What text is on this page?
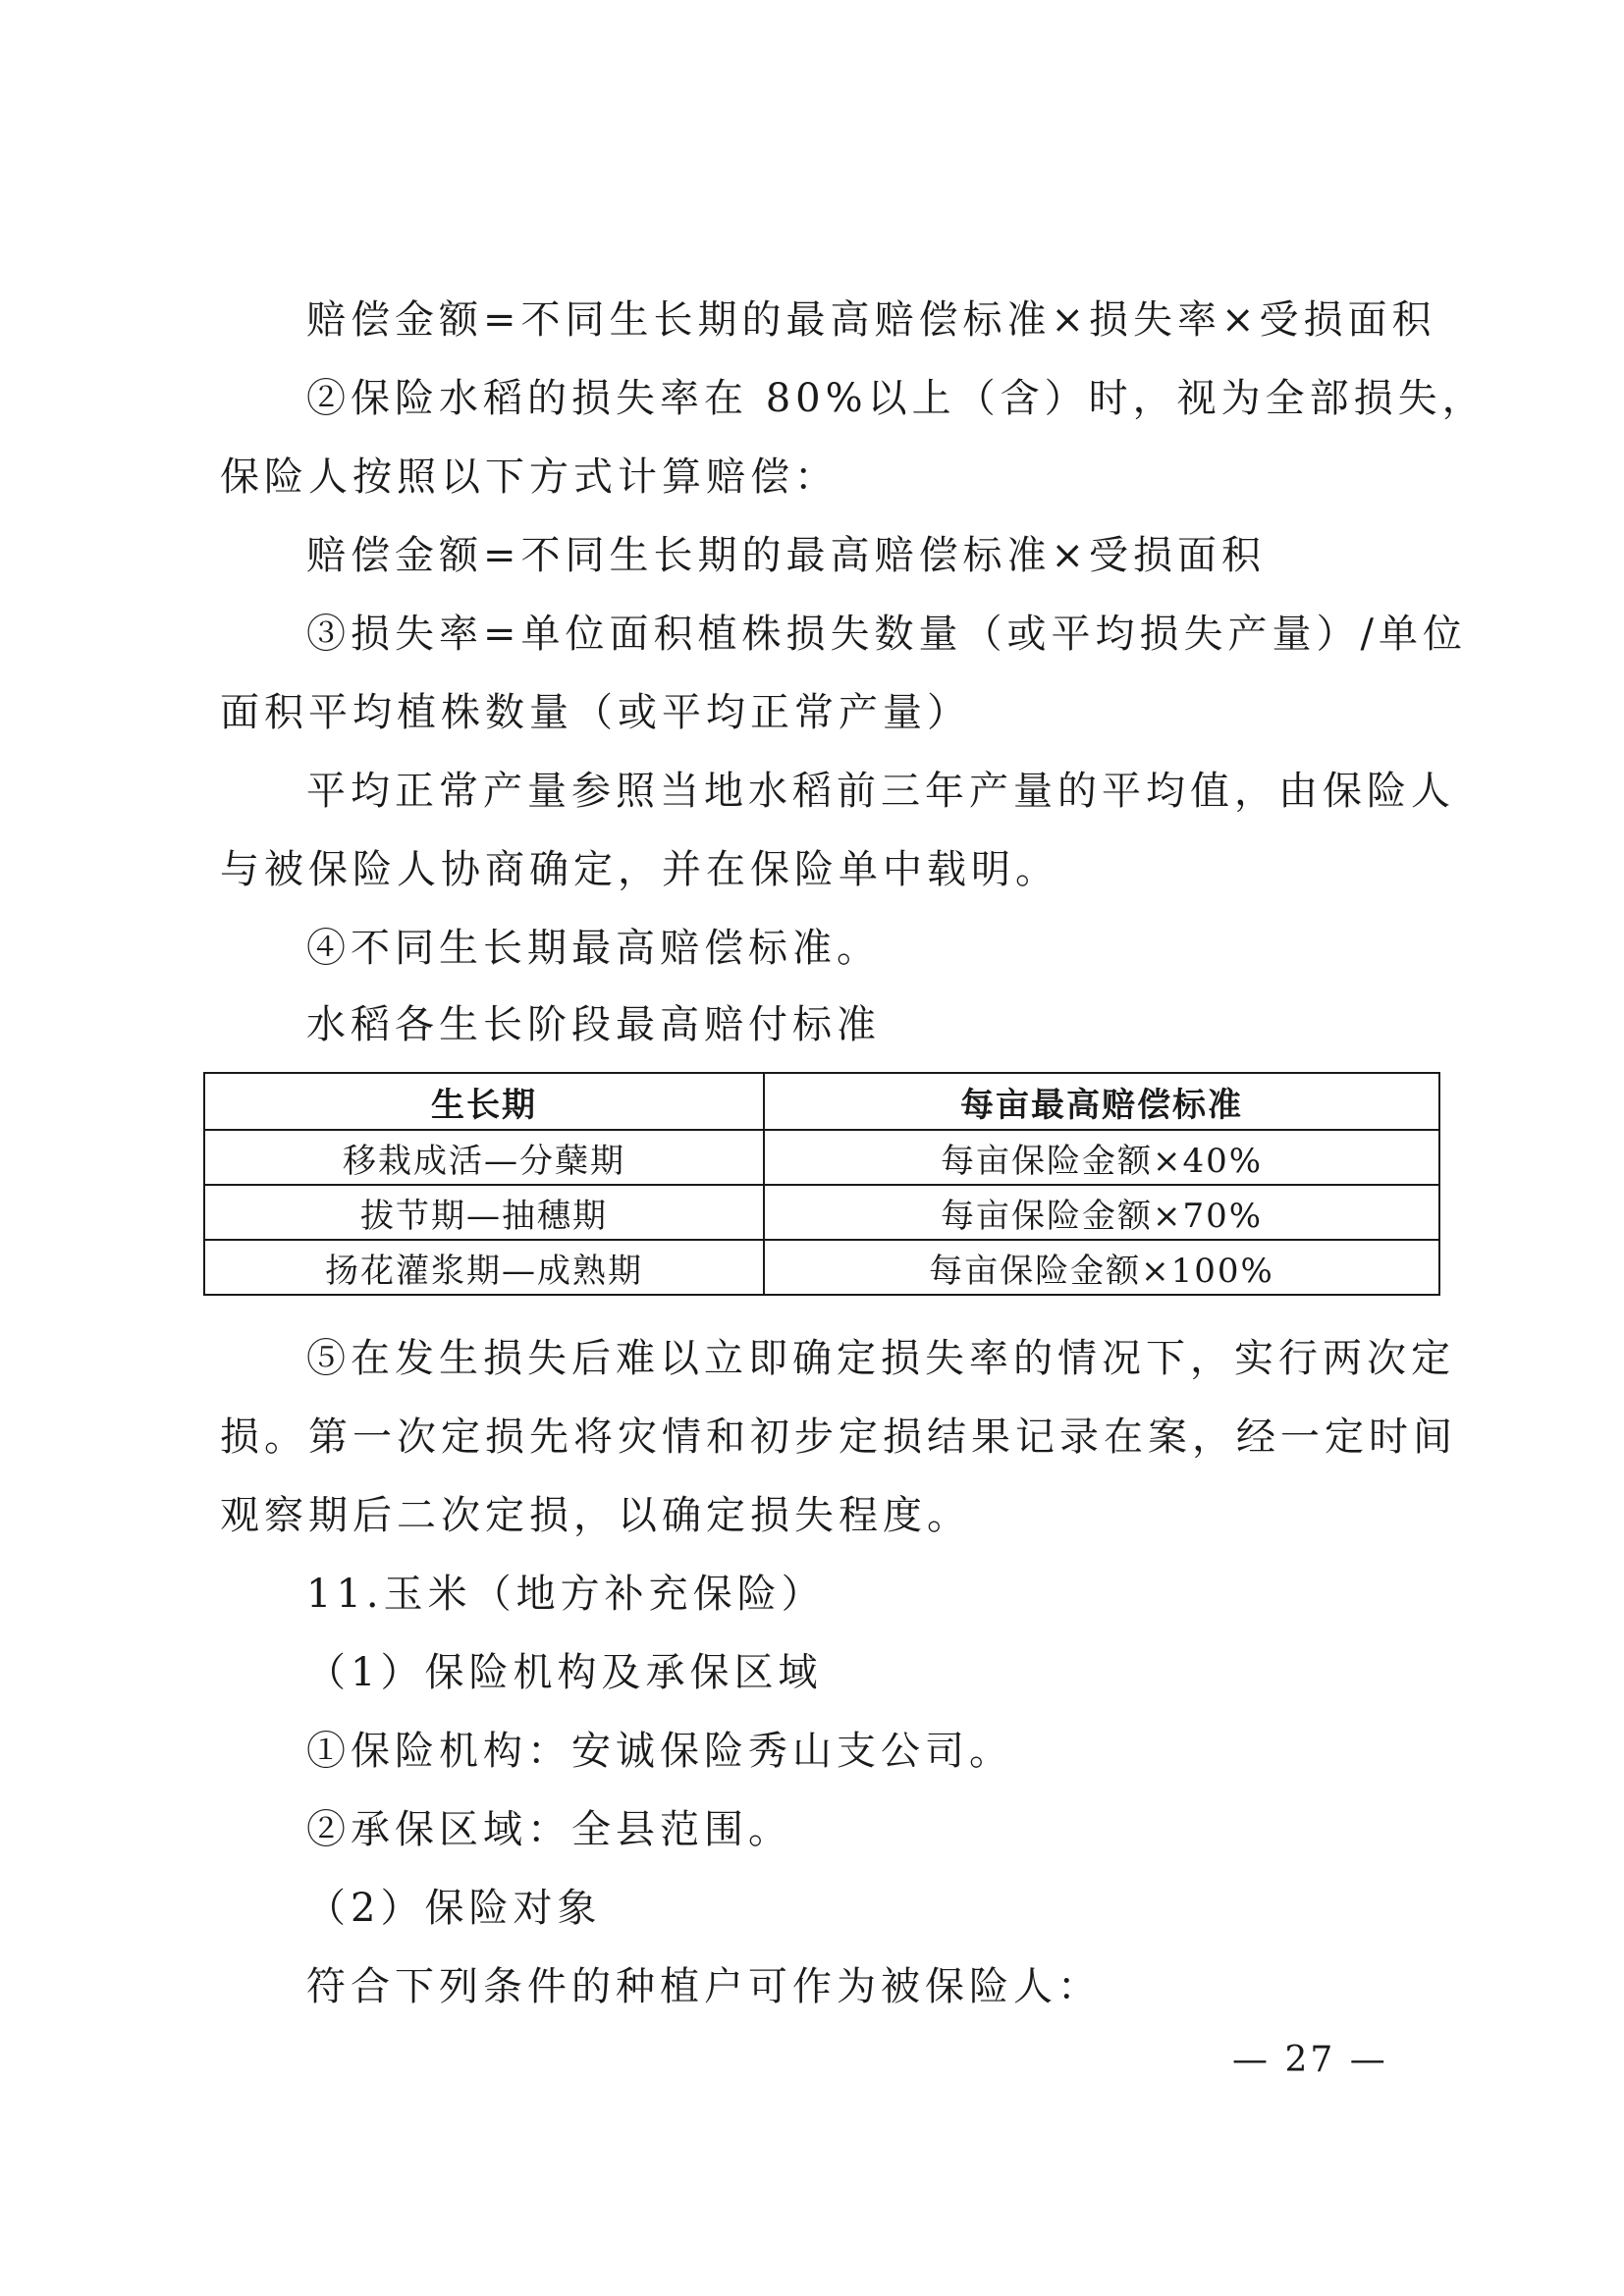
赔偿金额=不同生长期的最高赔偿标准×损失率×受损面积

②保险水稻的损失率在 80%以上（含）时，视为全部损失，

保险人按照以下方式计算赔偿：

赔偿金额=不同生长期的最高赔偿标准×受损面积

③损失率=单位面积植株损失数量（或平均损失产量）/单位

面积平均植株数量（或平均正常产量）

平均正常产量参照当地水稻前三年产量的平均值，由保险人

与被保险人协商确定，并在保险单中载明。

④不同生长期最高赔偿标准。

水稻各生长阶段最高赔付标准

生长期	每亩最高赔偿标准
移栽成活—分蘖期	每亩保险金额×40%
拔节期—抽穗期	每亩保险金额×70%
扬花灌浆期—成熟期	每亩保险金额×100%

⑤在发生损失后难以立即确定损失率的情况下，实行两次定

损。第一次定损先将灾情和初步定损结果记录在案，经一定时间

观察期后二次定损，以确定损失程度。

11.玉米（地方补充保险）

（1）保险机构及承保区域

①保险机构：安诚保险秀山支公司。

②承保区域：全县范围。

（2）保险对象

符合下列条件的种植户可作为被保险人：

— 27 —
